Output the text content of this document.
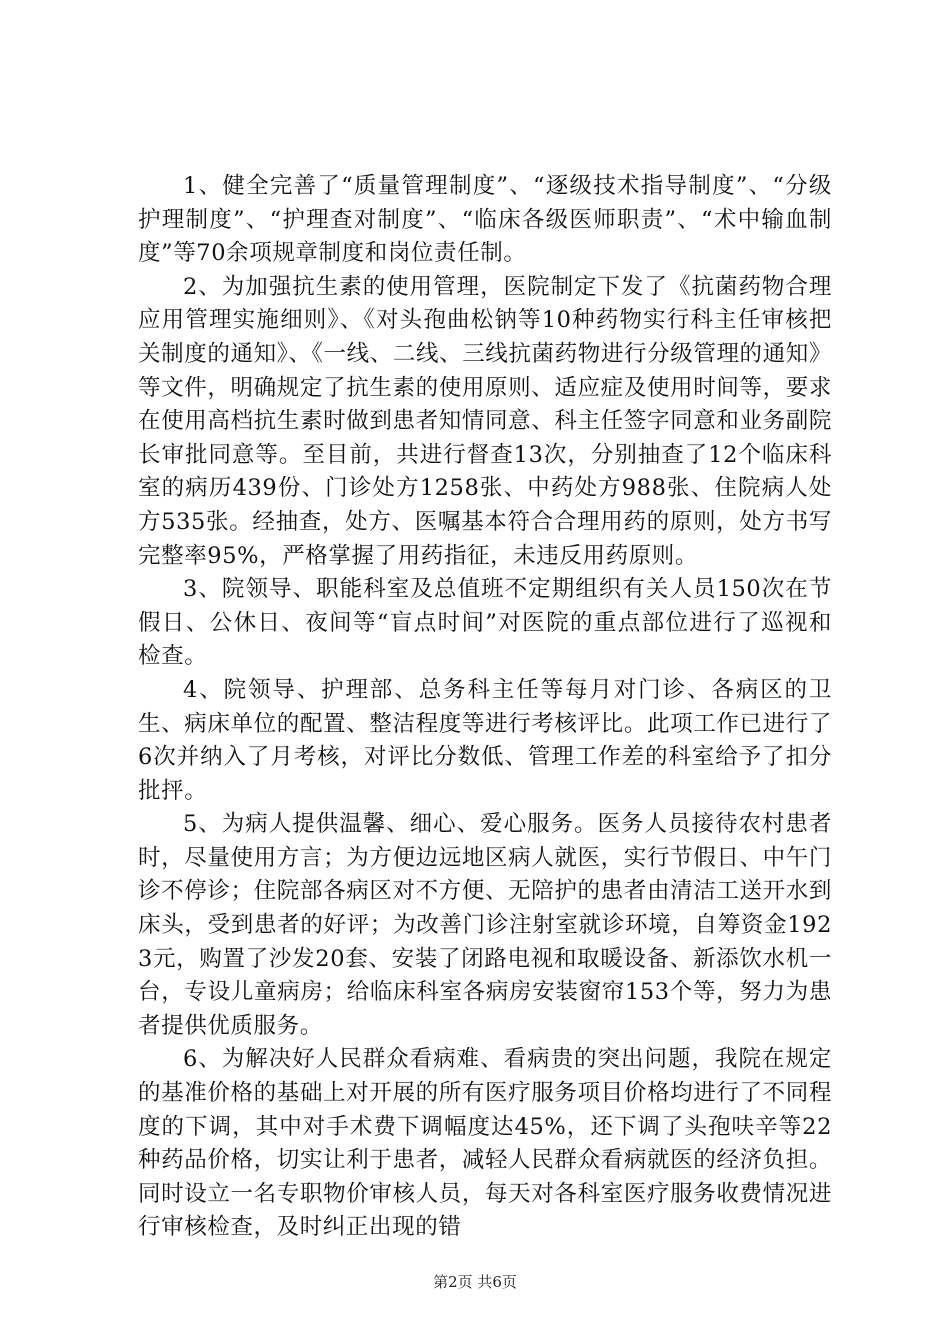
1、健全完善了“质量管理制度”、“逐级技术指导制度”、“分级护理制度”、“护理查对制度”、“临床各级医师职责”、“术中输血制度”等70余项规章制度和岗位责任制。

2、为加强抗生素的使用管理，医院制定下发了《抗菌药物合理应用管理实施细则》、《对头孢曲松钠等10种药物实行科主任审核把关制度的通知》、《一线、二线、三线抗菌药物进行分级管理的通知》等文件，明确规定了抗生素的使用原则、适应症及使用时间等，要求在使用高档抗生素时做到患者知情同意、科主任签字同意和业务副院长审批同意等。至目前，共进行督查13次，分别抽查了12个临床科室的病历439份、门诊处方1258张、中药处方988张、住院病人处方535张。经抽查，处方、医嘱基本符合合理用药的原则，处方书写完整率95%，严格掌握了用药指征，未违反用药原则。

3、院领导、职能科室及总值班不定期组织有关人员150次在节假日、公休日、夜间等“盲点时间”对医院的重点部位进行了巡视和检查。

4、院领导、护理部、总务科主任等每月对门诊、各病区的卫生、病床单位的配置、整洁程度等进行考核评比。此项工作已进行了6次并纳入了月考核，对评比分数低、管理工作差的科室给予了扣分批抨。

5、为病人提供温馨、细心、爱心服务。医务人员接待农村患者时，尽量使用方言；为方便边远地区病人就医，实行节假日、中午门诊不停诊；住院部各病区对不方便、无陪护的患者由清洁工送开水到床头，受到患者的好评；为改善门诊注射室就诊环境，自筹资金1923元，购置了沙发20套、安装了闭路电视和取暖设备、新添饮水机一台，专设儿童病房；给临床科室各病房安装窗帘153个等，努力为患者提供优质服务。

6、为解决好人民群众看病难、看病贵的突出问题，我院在规定的基准价格的基础上对开展的所有医疗服务项目价格均进行了不同程度的下调，其中对手术费下调幅度达45%，还下调了头孢呋辛等22种药品价格，切实让利于患者，减轻人民群众看病就医的经济负担。同时设立一名专职物价审核人员，每天对各科室医疗服务收费情况进行审核检查，及时纠正出现的错

第2页 共6页
